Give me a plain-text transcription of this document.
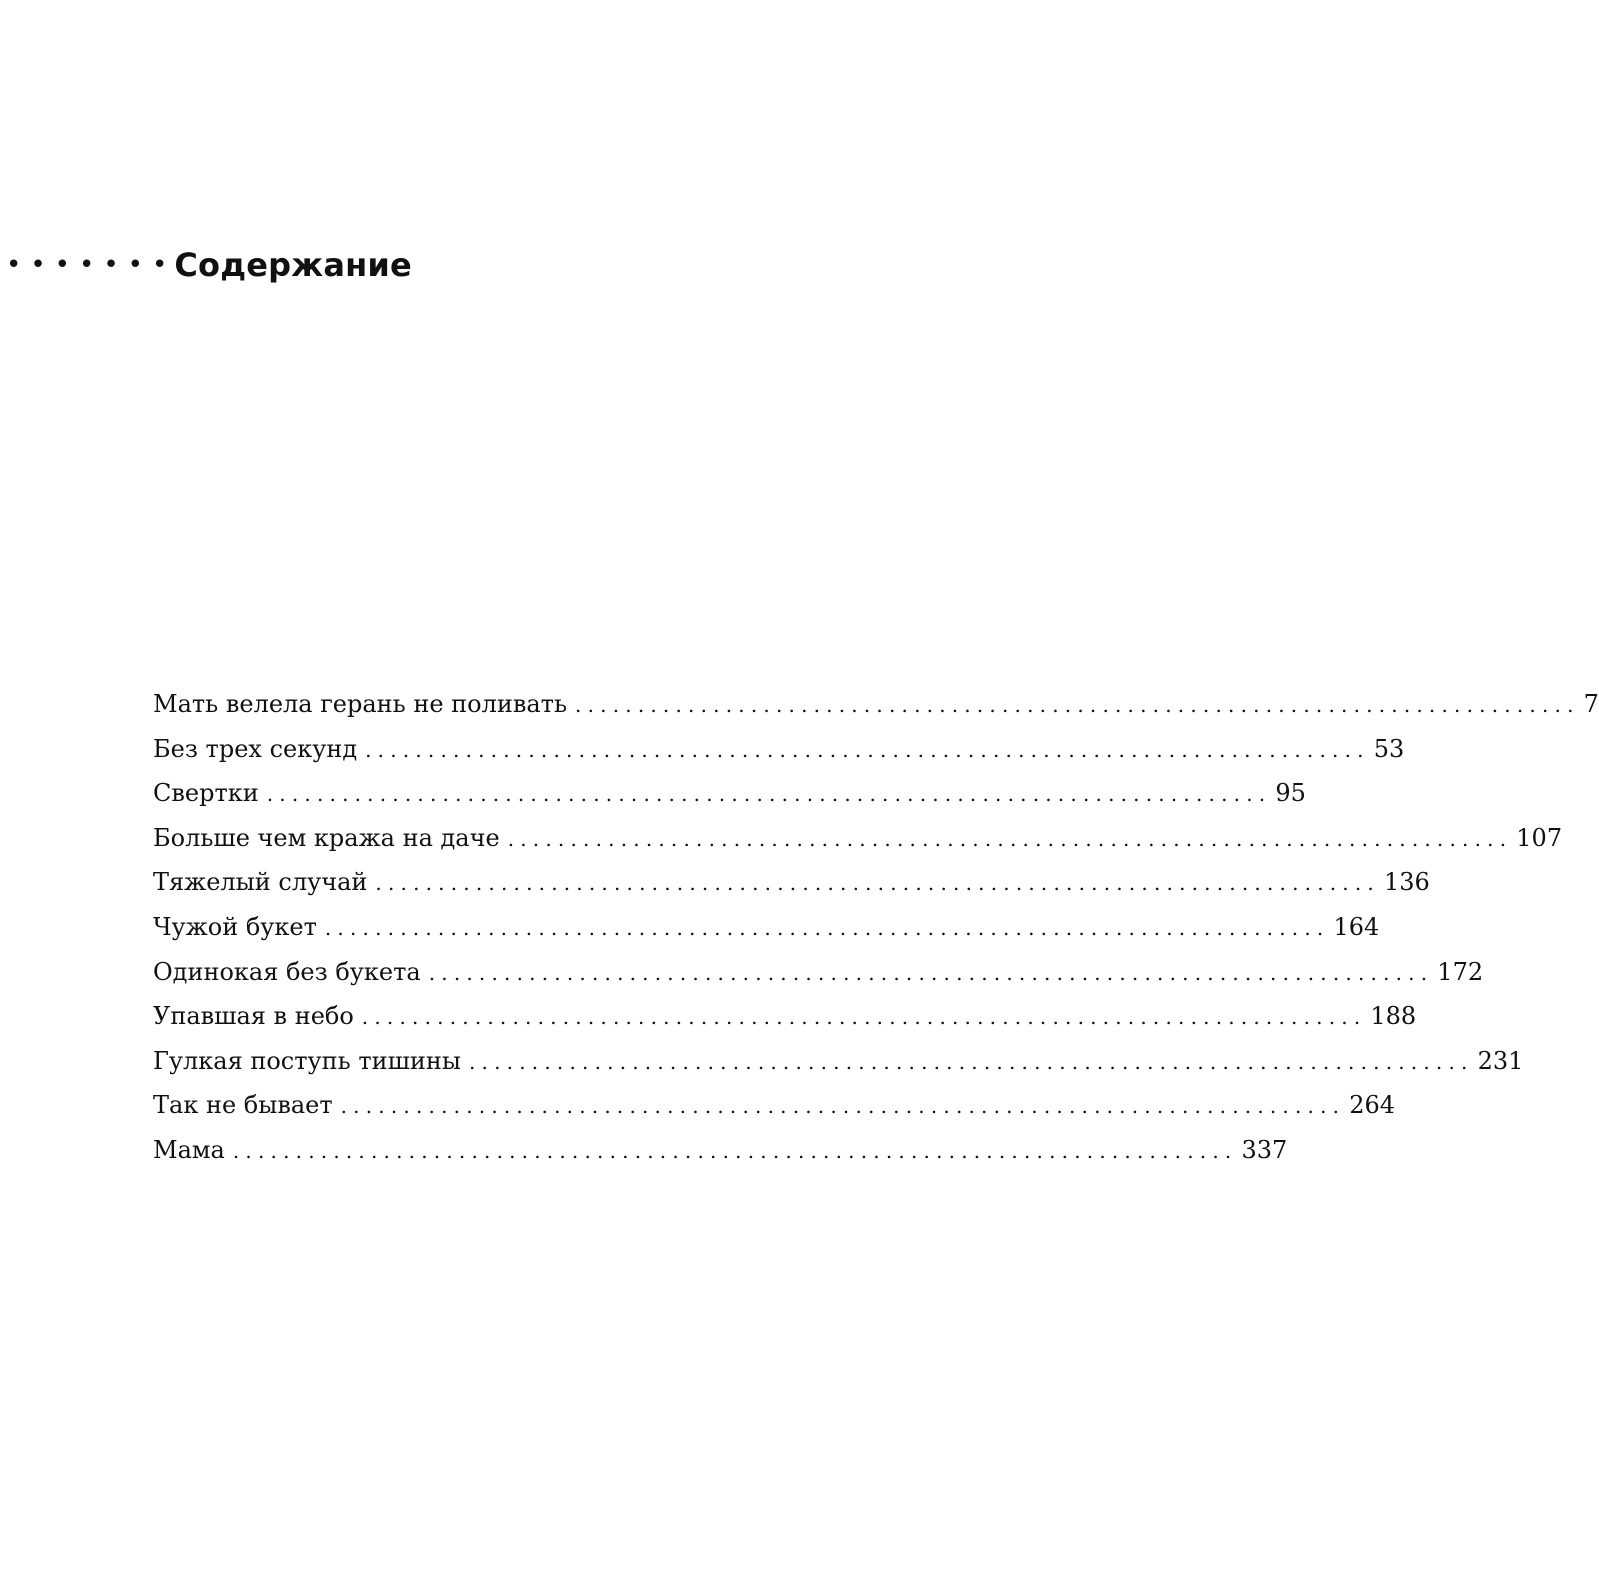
•••••••
Содержание
Мать велела герань не поливать ................................................................................ 7
Без трех секунд ................................................................................ 53
Свертки ................................................................................ 95
Больше чем кража на даче ................................................................................ 107
Тяжелый случай ................................................................................ 136
Чужой букет ................................................................................ 164
Одинокая без букета ................................................................................ 172
Упавшая в небо ................................................................................ 188
Гулкая поступь тишины ................................................................................ 231
Так не бывает ................................................................................ 264
Мама ................................................................................ 337
